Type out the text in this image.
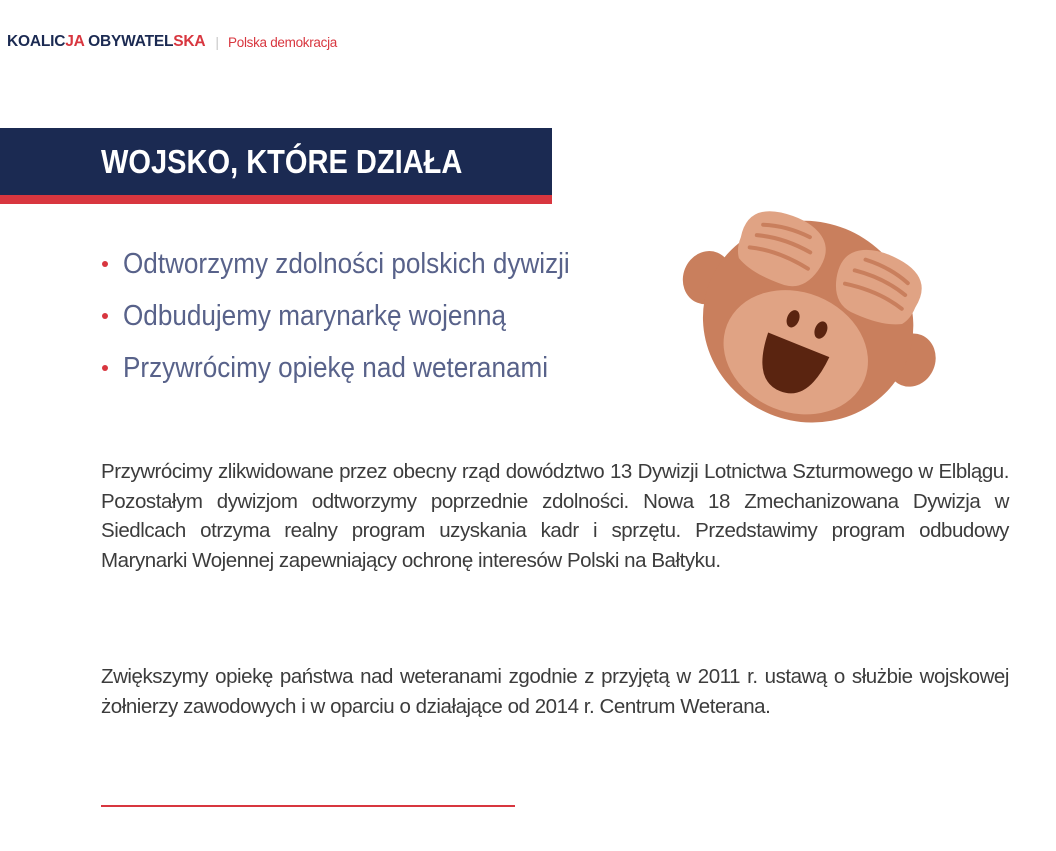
KOALICJA OBYWATELSKA | Polska demokracja
WOJSKO, KTÓRE DZIAŁA
Odtworzymy zdolności polskich dywizji
Odbudujemy marynarkę wojenną
Przywrócimy opiekę nad weteranami

Przywrócimy zlikwidowane przez obecny rząd dowództwo 13 Dywizji Lotnictwa Szturmowego w Elblągu. Pozostałym dywizjom odtworzymy poprzednie zdolności. Nowa 18 Zmechanizowana Dywizja w Siedlcach otrzyma realny program uzyskania kadr i sprzętu. Przedstawimy program odbudowy Marynarki Wojennej zapewniający ochronę interesów Polski na Bałtyku.

Zwiększymy opiekę państwa nad weteranami zgodnie z przyjętą w 2011 r. ustawą o służbie wojskowej żołnierzy zawodowych i w oparciu o działające od 2014 r. Centrum Weterana.
